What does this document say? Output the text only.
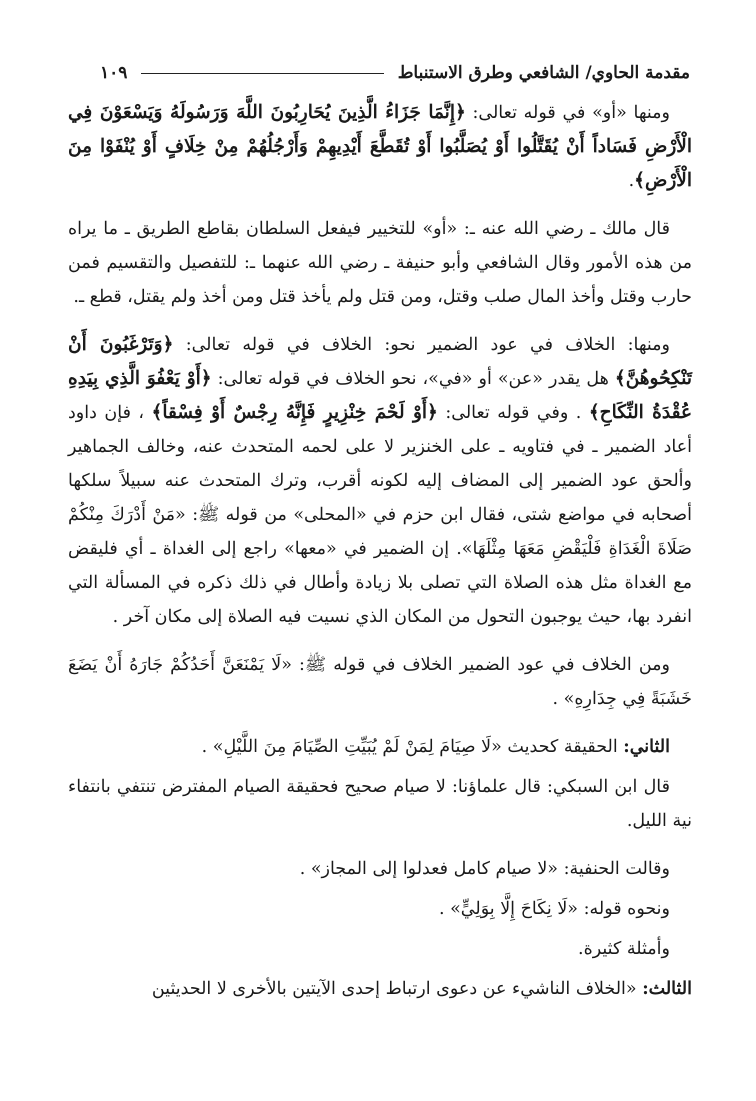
مقدمة الحاوي/ الشافعي وطرق الاستنباط
١٠٩

ومنها «أو» في قوله تعالى: ﴿إِنَّمَا جَزَاءُ الَّذِينَ يُحَارِبُونَ اللَّهَ وَرَسُولَهُ وَيَسْعَوْنَ فِي الْأَرْضِ فَسَاداً أَنْ يُقَتَّلُوا أَوْ يُصَلَّبُوا أَوْ تُقَطَّعَ أَيْدِيهِمْ وَأَرْجُلُهُمْ مِنْ خِلَافٍ أَوْ يُنْفَوْا مِنَ الْأَرْضِ﴾.

قال مالك ـ رضي الله عنه ـ: «أو» للتخيير فيفعل السلطان بقاطع الطريق ـ ما يراه من هذه الأمور وقال الشافعي وأبو حنيفة ـ رضي الله عنهما ـ: للتفصيل والتقسيم فمن حارب وقتل وأخذ المال صلب وقتل، ومن قتل ولم يأخذ قتل ومن أخذ ولم يقتل، قطع ـ.

ومنها: الخلاف في عود الضمير نحو: الخلاف في قوله تعالى: ﴿وَتَرْغَبُونَ أَنْ تَنْكِحُوهُنَّ﴾ هل يقدر «عن» أو «في»، نحو الخلاف في قوله تعالى: ﴿أَوْ يَعْفُوَ الَّذِي بِيَدِهِ عُقْدَةُ النِّكَاحِ﴾ . وفي قوله تعالى: ﴿أَوْ لَحْمَ خِنْزِيرٍ فَإِنَّهُ رِجْسٌ أَوْ فِسْقاً﴾ ، فإن داود أعاد الضمير ـ في فتاويه ـ على الخنزير لا على لحمه المتحدث عنه، وخالف الجماهير وألحق عود الضمير إلى المضاف إليه لكونه أقرب، وترك المتحدث عنه سبيلاً سلكها أصحابه في مواضع شتى، فقال ابن حزم في «المحلى» من قوله ﷺ: «مَنْ أَدْرَكَ مِنْكُمْ صَلَاةَ الْغَدَاةِ فَلْيَقْضِ مَعَهَا مِثْلَهَا». إن الضمير في «معها» راجع إلى الغداة ـ أي فليقض مع الغداة مثل هذه الصلاة التي تصلى بلا زيادة وأطال في ذلك ذكره في المسألة التي انفرد بها، حيث يوجبون التحول من المكان الذي نسيت فيه الصلاة إلى مكان آخر .

ومن الخلاف في عود الضمير الخلاف في قوله ﷺ: «لَا يَمْنَعَنَّ أَحَدُكُمْ جَارَهُ أَنْ يَضَعَ خَشَبَةً فِي جِدَارِهِ» .

الثاني: الحقيقة كحديث «لَا صِيَامَ لِمَنْ لَمْ يُبَيِّتِ الصِّيَامَ مِنَ اللَّيْلِ» .

قال ابن السبكي: قال علماؤنا: لا صيام صحيح فحقيقة الصيام المفترض تنتفي بانتفاء نية الليل.

وقالت الحنفية: «لا صيام كامل فعدلوا إلى المجاز» .

ونحوه قوله: «لَا نِكَاحَ إِلَّا بِوَلِيٍّ» .

وأمثلة كثيرة.

الثالث: «الخلاف الناشيء عن دعوى ارتباط إحدى الآيتين بالأخرى لا الحديثين
